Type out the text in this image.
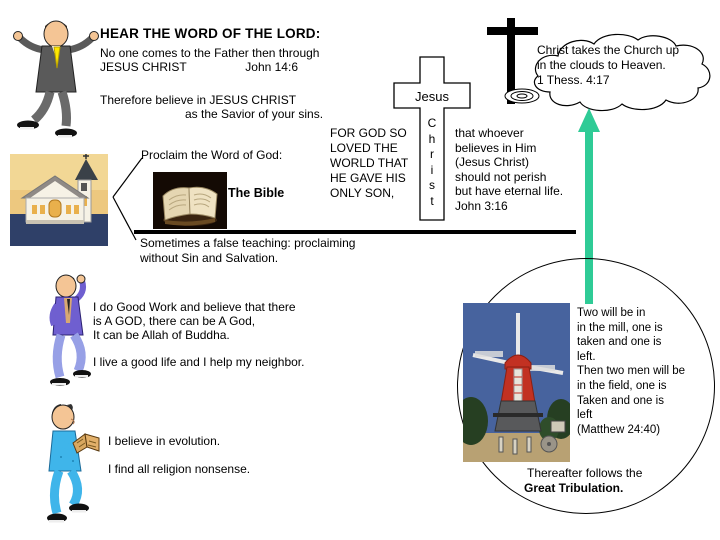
HEAR THE WORD OF THE LORD:
No one comes to the Father then through
JESUS CHRIST	John 14:6
Therefore believe in JESUS CHRIST
as the Savior of your sins.
Proclaim the Word of God:
The Bible
FOR GOD SO
LOVED THE
WORLD THAT
HE GAVE HIS
ONLY SON,
Jesus
C
h
r
i
s
t
that whoever
believes in Him
(Jesus Christ)
should not perish
but have eternal life.
John 3:16
Christ takes the Church up
in the clouds to Heaven.
1 Thess. 4:17
Sometimes a false teaching: proclaiming
without Sin and Salvation.
Two will be in
in the mill, one is
taken and one is
left.
Then two men will be
in the field, one is
Taken and one is
left
(Matthew 24:40)
Thereafter follows the
Great Tribulation.
I do Good Work and believe that there
is A GOD, there can be A God,
It can be Allah of Buddha.
I live a good life and I help my neighbor.
I believe in evolution.
I find all religion nonsense.
